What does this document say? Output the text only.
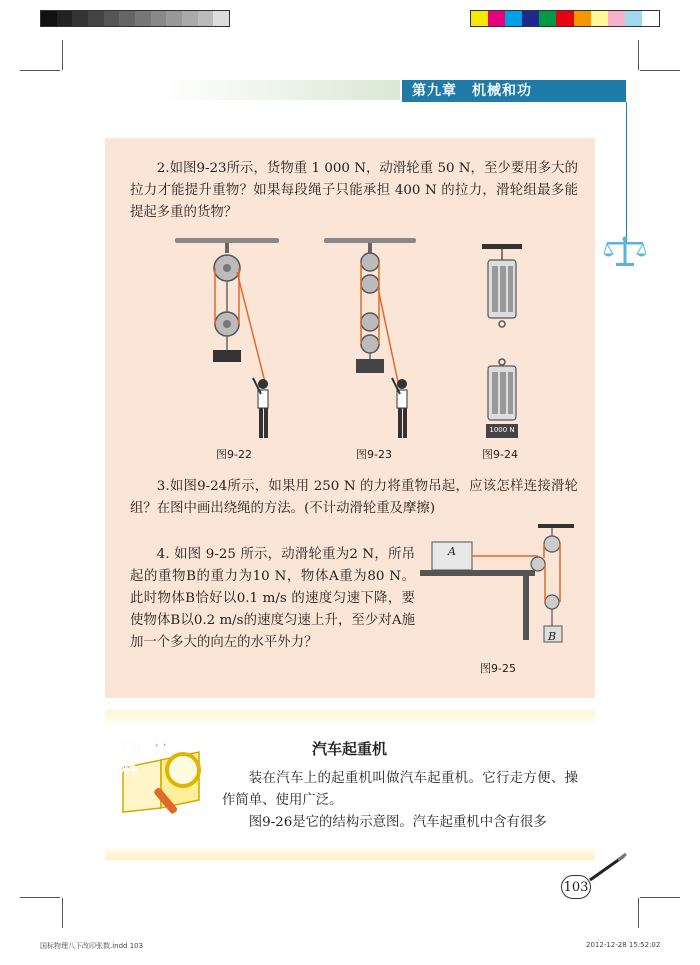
第九章　机械和功
2.如图9-23所示，货物重 1 000 N，动滑轮重 50 N，至少要用多大的拉力才能提升重物？如果每段绳子只能承担 400 N 的拉力，滑轮组最多能提起多重的货物？
图9-22	图9-23
1000 N
图9-24
3.如图9-24所示，如果用 250 N 的力将重物吊起，应该怎样连接滑轮组？在图中画出绕绳的方法。(不计动滑轮重及摩擦)
4. 如图 9-25 所示，动滑轮重为2 N，所吊起的重物B的重力为10 N，物体A重为80 N。此时物体B恰好以0.1 m/s 的速度匀速下降，要使物体B以0.2 m/s的速度匀速上升，至少对A施加一个多大的向左的水平外力？
A
B
图9-25
阅读材料
汽车起重机
装在汽车上的起重机叫做汽车起重机。它行走方便、操作简单、使用广泛。
图9-26是它的结构示意图。汽车起重机中含有很多
103
国标物理八下改印张数.indd 103	2012-12-28 15:52:02
